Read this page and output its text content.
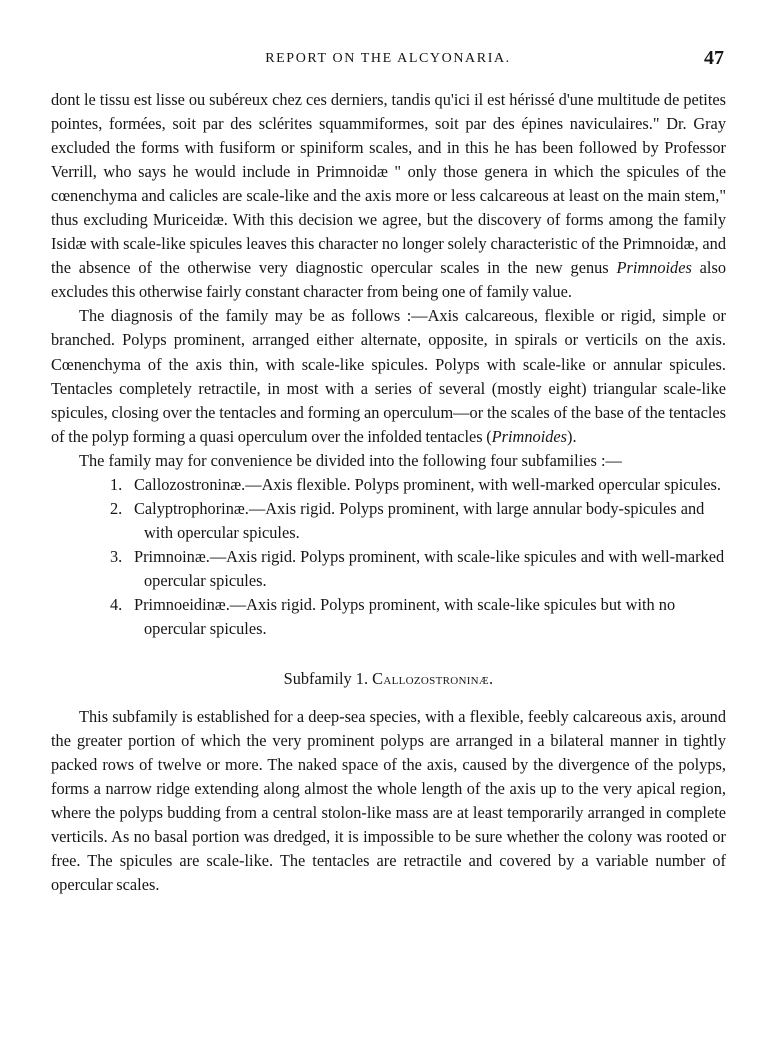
REPORT ON THE ALCYONARIA.	47

dont le tissu est lisse ou subéreux chez ces derniers, tandis qu'ici il est hérissé d'une multitude de petites pointes, formées, soit par des sclérites squammiformes, soit par des épines naviculaires." Dr. Gray excluded the forms with fusiform or spiniform scales, and in this he has been followed by Professor Verrill, who says he would include in Primnoidæ " only those genera in which the spicules of the cœnenchyma and calicles are scale-like and the axis more or less calcareous at least on the main stem," thus excluding Muriceidæ. With this decision we agree, but the discovery of forms among the family Isidæ with scale-like spicules leaves this character no longer solely characteristic of the Primnoidæ, and the absence of the otherwise very diagnostic opercular scales in the new genus Primnoides also excludes this otherwise fairly constant character from being one of family value.

The diagnosis of the family may be as follows :—Axis calcareous, flexible or rigid, simple or branched. Polyps prominent, arranged either alternate, opposite, in spirals or verticils on the axis. Cœnenchyma of the axis thin, with scale-like spicules. Polyps with scale-like or annular spicules. Tentacles completely retractile, in most with a series of several (mostly eight) triangular scale-like spicules, closing over the tentacles and forming an operculum—or the scales of the base of the tentacles of the polyp forming a quasi operculum over the infolded tentacles (Primnoides).

The family may for convenience be divided into the following four subfamilies :—

1. Callozostroninæ.—Axis flexible. Polyps prominent, with well-marked opercular spicules.
2. Calyptrophorinæ.—Axis rigid. Polyps prominent, with large annular body-spicules and with opercular spicules.
3. Primnoinæ.—Axis rigid. Polyps prominent, with scale-like spicules and with well-marked opercular spicules.
4. Primnoeidinæ.—Axis rigid. Polyps prominent, with scale-like spicules but with no opercular spicules.
Subfamily 1. Callozostroninæ .

This subfamily is established for a deep-sea species, with a flexible, feebly calcareous axis, around the greater portion of which the very prominent polyps are arranged in a bilateral manner in tightly packed rows of twelve or more. The naked space of the axis, caused by the divergence of the polyps, forms a narrow ridge extending along almost the whole length of the axis up to the very apical region, where the polyps budding from a central stolon-like mass are at least temporarily arranged in complete verticils. As no basal portion was dredged, it is impossible to be sure whether the colony was rooted or free. The spicules are scale-like. The tentacles are retractile and covered by a variable number of opercular scales.
